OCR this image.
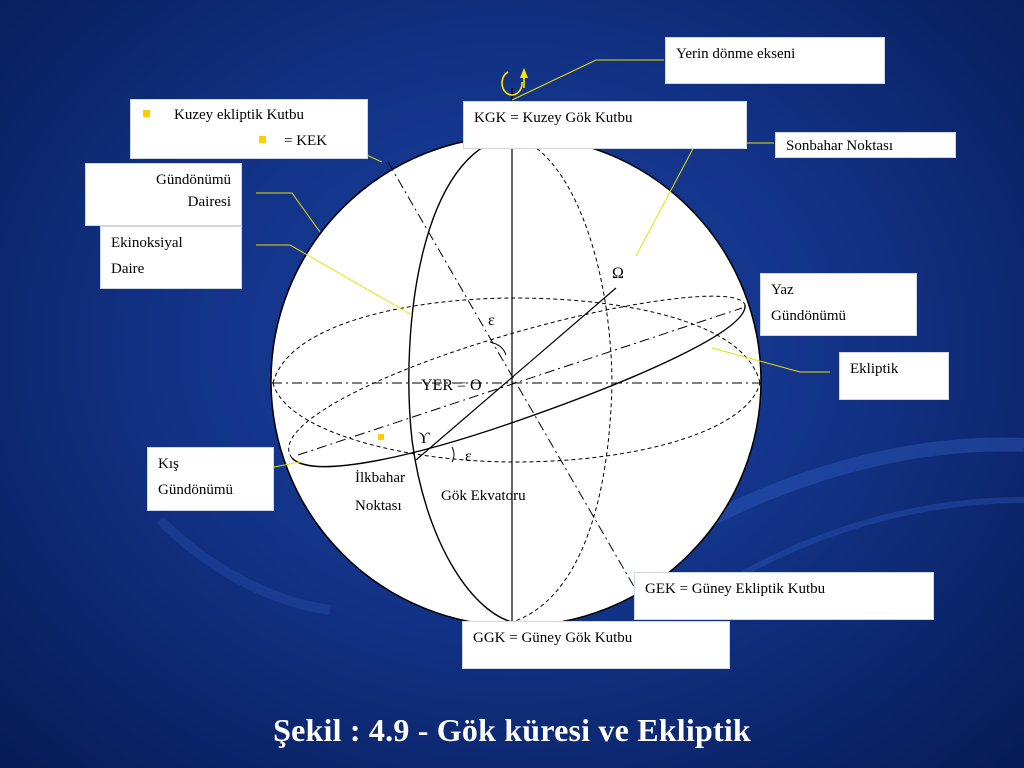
Ω
ε
YER = O
ϒ
ε
İlkbahar
Noktası
Gök Ekvatoru
Yerin dönme ekseni
Kuzey ekliptik Kutbu
= KEK
KGK = Kuzey Gök Kutbu
Gündönümü
Dairesi
Ekinoksiyal
Daire
Sonbahar Noktası
Yaz
Gündönümü
Ekliptik
Kış
Gündönümü
GEK = Güney Ekliptik Kutbu
GGK = Güney Gök Kutbu
Şekil : 4.9 - Gök küresi ve Ekliptik
